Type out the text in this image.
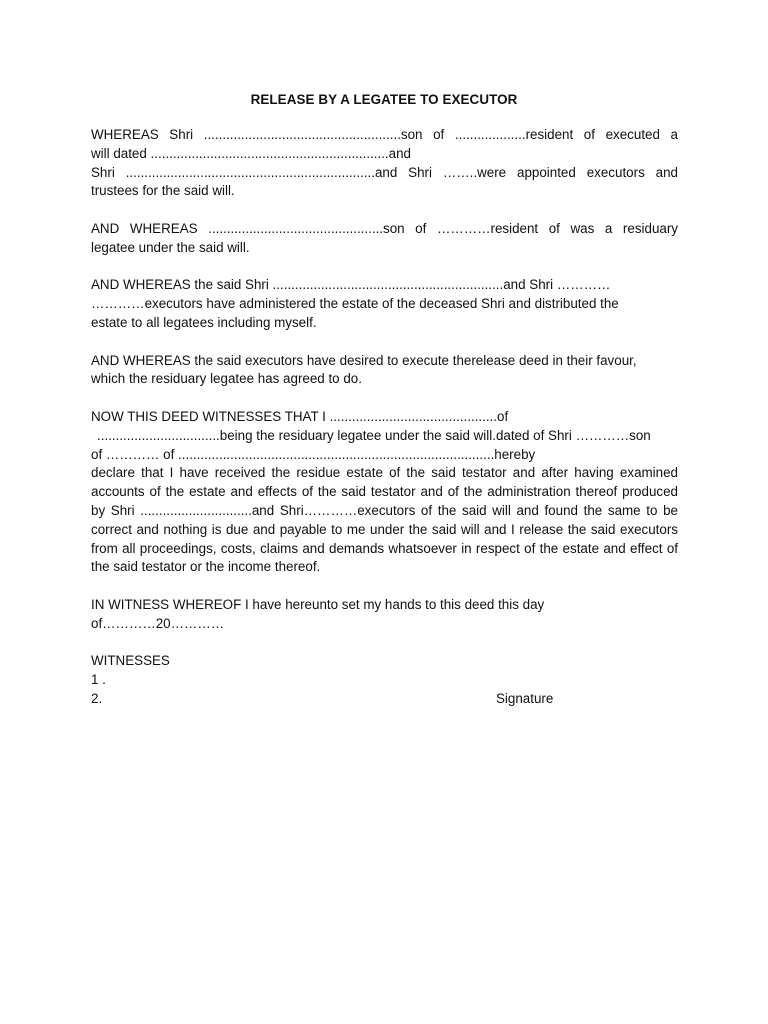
RELEASE BY A LEGATEE TO EXECUTOR
WHEREAS Shri .....................................................son of ...................resident of executed a
will dated ................................................................and
Shri ...................................................................and Shri ……..were appointed executors and
trustees for the said will.
AND WHEREAS ...............................................son of …………resident of was a residuary
legatee under the said will.
AND WHEREAS the said Shri ..............................................................and Shri …………
…………executors have administered the estate of the deceased Shri and distributed the
estate to all legatees including myself.
AND WHEREAS the said executors have desired to execute therelease deed in their favour,
which the residuary legatee has agreed to do.
NOW THIS DEED WITNESSES THAT I .............................................of
.................................being the residuary legatee under the said will.dated of Shri …………son
of ………… of .....................................................................................hereby
declare that I have received the residue estate of the said testator and after having examined accounts of the estate and effects of the said testator and of the administration thereof produced by Shri ..............................and Shri…………executors of the said will and found the same to be correct and nothing is due and payable to me under the said will and I release the said executors from all proceedings, costs, claims and demands whatsoever in respect of the estate and effect of the said testator or the income thereof.
IN WITNESS WHEREOF I have hereunto set my hands to this deed this day
of…………20…………
WITNESSES
1 .
2.	Signature
